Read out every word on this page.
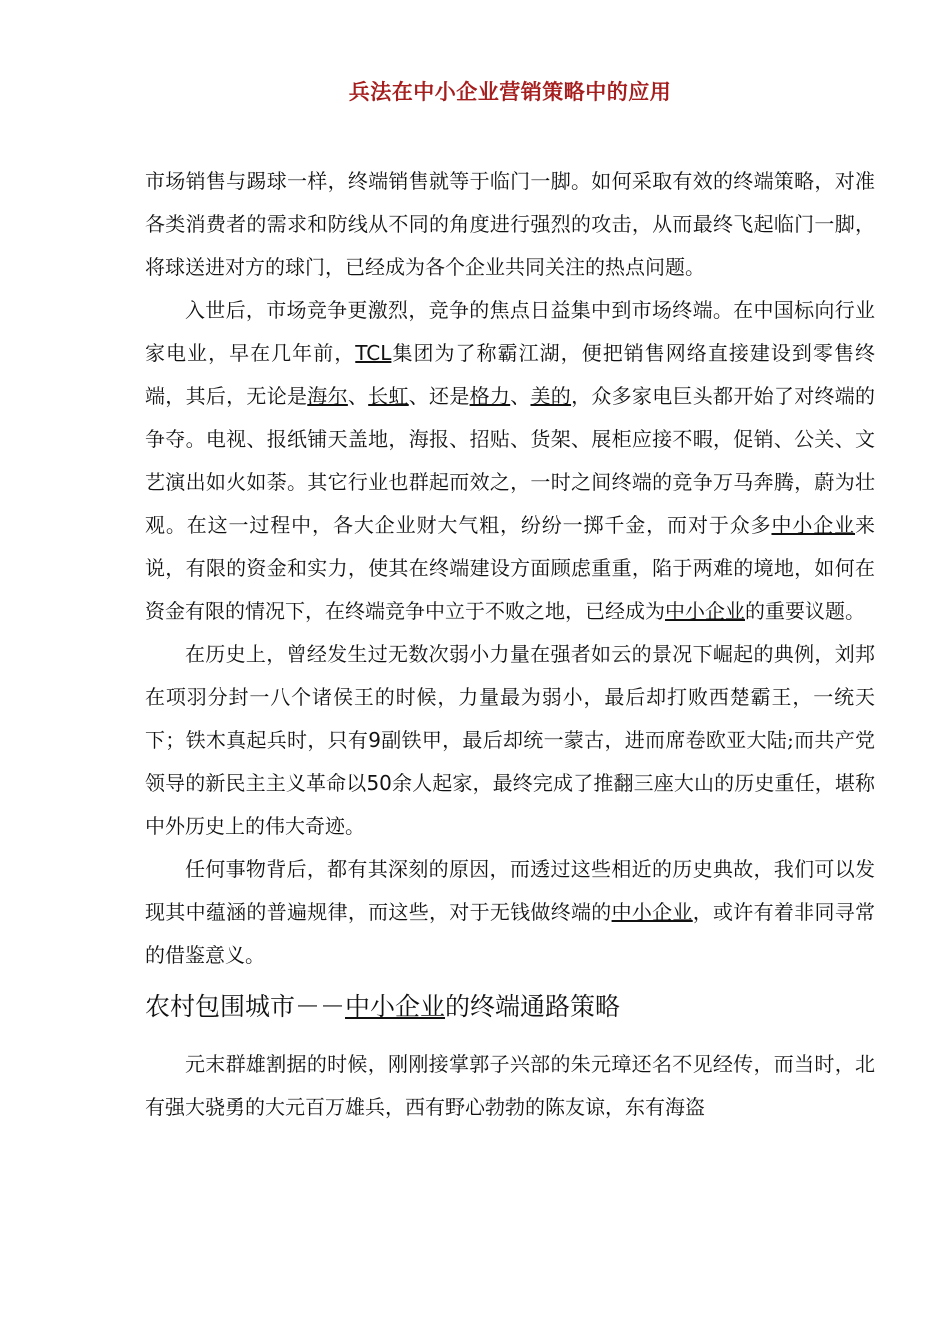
兵法在中小企业营销策略中的应用

市场销售与踢球一样，终端销售就等于临门一脚。如何采取有效的终端策略，对准各类消费者的需求和防线从不同的角度进行强烈的攻击，从而最终飞起临门一脚，将球送进对方的球门，已经成为各个企业共同关注的热点问题。

入世后，市场竞争更激烈，竞争的焦点日益集中到市场终端。在中国标向行业家电业，早在几年前，TCL集团为了称霸江湖，便把销售网络直接建设到零售终端，其后，无论是海尔、长虹、还是格力、美的，众多家电巨头都开始了对终端的争夺。电视、报纸铺天盖地，海报、招贴、货架、展柜应接不暇，促销、公关、文艺演出如火如荼。其它行业也群起而效之，一时之间终端的竞争万马奔腾，蔚为壮观。在这一过程中，各大企业财大气粗，纷纷一掷千金，而对于众多中小企业来说，有限的资金和实力，使其在终端建设方面顾虑重重，陷于两难的境地，如何在资金有限的情况下，在终端竞争中立于不败之地，已经成为中小企业的重要议题。

在历史上，曾经发生过无数次弱小力量在强者如云的景况下崛起的典例，刘邦在项羽分封一八个诸侯王的时候，力量最为弱小，最后却打败西楚霸王，一统天下；铁木真起兵时，只有9副铁甲，最后却统一蒙古，进而席卷欧亚大陆;而共产党领导的新民主主义革命以50余人起家，最终完成了推翻三座大山的历史重任，堪称中外历史上的伟大奇迹。

任何事物背后，都有其深刻的原因，而透过这些相近的历史典故，我们可以发现其中蕴涵的普遍规律，而这些，对于无钱做终端的中小企业，或许有着非同寻常的借鉴意义。

农村包围城市－－中小企业的终端通路策略

元末群雄割据的时候，刚刚接掌郭子兴部的朱元璋还名不见经传，而当时，北有强大骁勇的大元百万雄兵，西有野心勃勃的陈友谅，东有海盗
